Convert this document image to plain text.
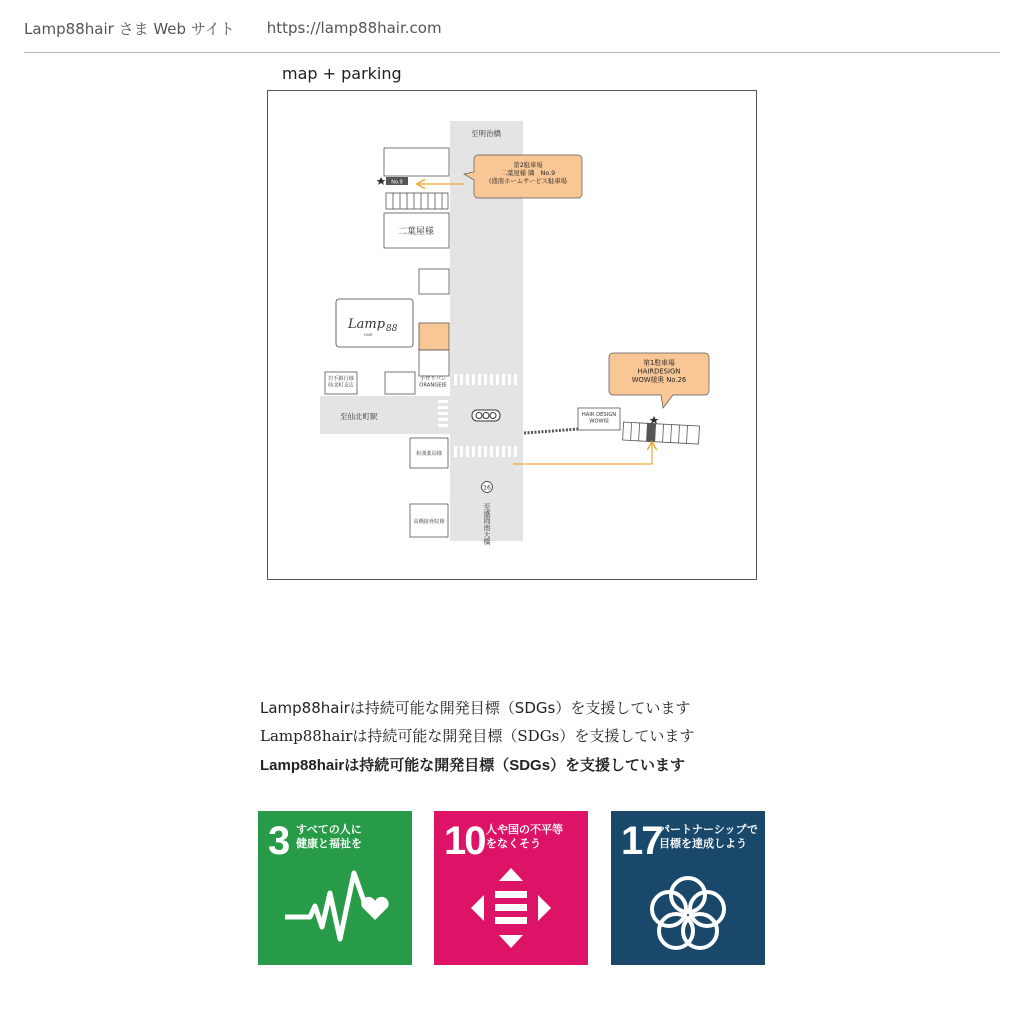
Lamp88hair さま Web サイト https://lamp88hair.com
map + parking
No.9
二葉屋様
Lamp 88
HAIR
岩手銀行様仙北町支店
手作りパン ORANGE様
至仙北町駅
和漢薬局様
高橋接骨院様
至明治橋
16
至盛岡南大橋
HAIR DESIGN WOW様
第2駐車場二葉屋様 隣　No.9 (盛南ホームサービス駐車場
第1駐車場 HAIRDESIGN WOW様奥 No.26
Lamp88hairは持続可能な開発目標（SDGs）を支援しています
Lamp88hairは持続可能な開発目標（SDGs）を支援しています
Lamp88hairは持続可能な開発目標（SDGs）を支援しています
3 すべての人に
健康と福祉を 10 人や国の不平等
をなくそう	17
パートナーシップで
目標を達成しよう
